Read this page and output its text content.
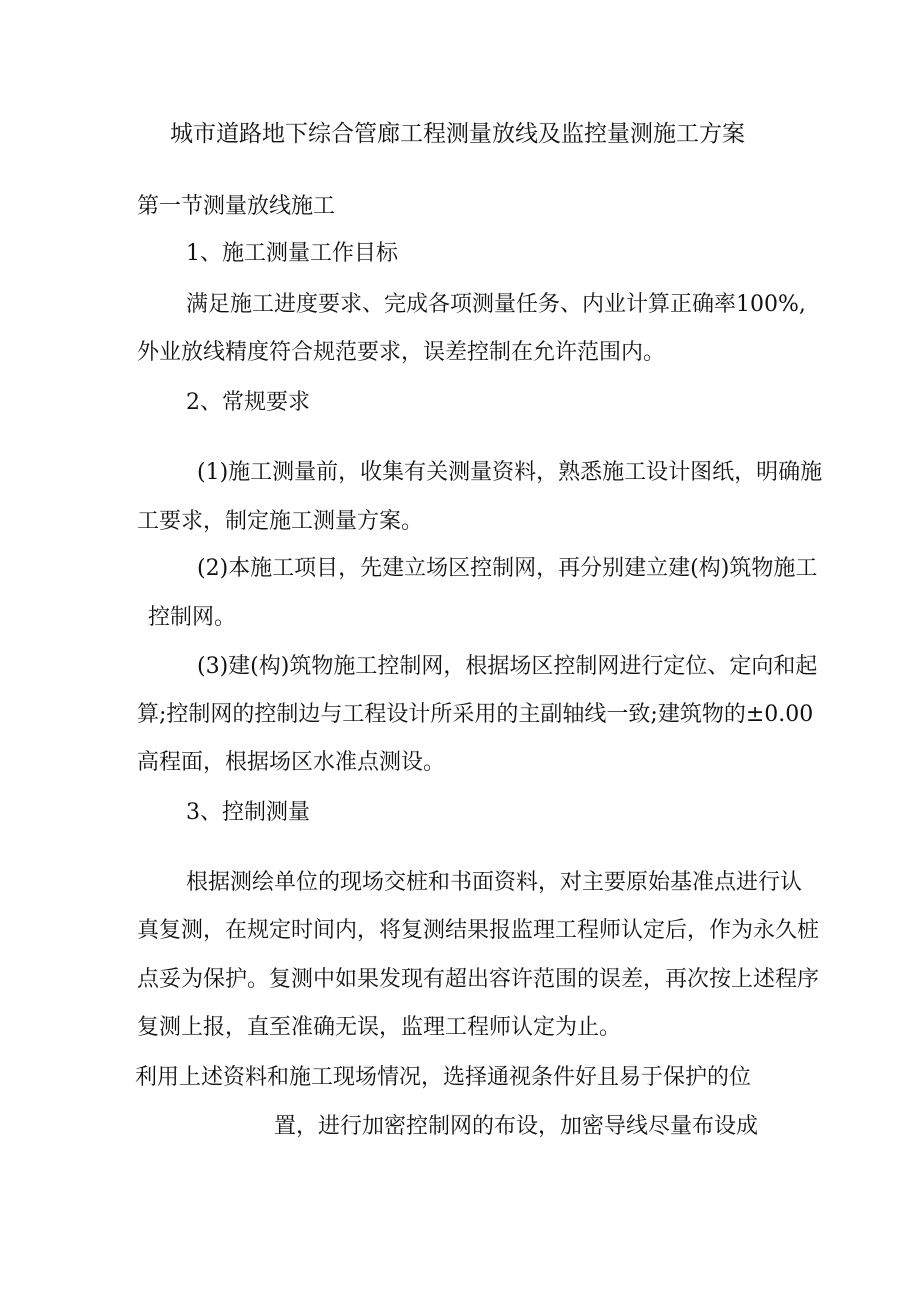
城市道路地下综合管廊工程测量放线及监控量测施工方案
第一节测量放线施工
1、施工测量工作目标
满足施工进度要求、完成各项测量任务、内业计算正确率100%,
外业放线精度符合规范要求，误差控制在允许范围内。
2、常规要求
(1)施工测量前，收集有关测量资料，熟悉施工设计图纸，明确施
工要求，制定施工测量方案。
(2)本施工项目，先建立场区控制网，再分别建立建(构)筑物施工
控制网。
(3)建(构)筑物施工控制网，根据场区控制网进行定位、定向和起
算;控制网的控制边与工程设计所采用的主副轴线一致;建筑物的±0.00
高程面，根据场区水准点测设。
3、控制测量
根据测绘单位的现场交桩和书面资料，对主要原始基准点进行认
真复测，在规定时间内，将复测结果报监理工程师认定后，作为永久桩
点妥为保护。复测中如果发现有超出容许范围的误差，再次按上述程序
复测上报，直至准确无误，监理工程师认定为止。
利用上述资料和施工现场情况，选择通视条件好且易于保护的位
置，进行加密控制网的布设，加密导线尽量布设成
